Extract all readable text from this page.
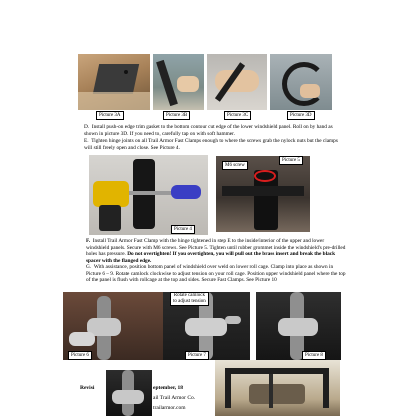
Picture 3A	Picture 3B	Picture 3C	Picture 3D
D. Install push-on edge trim gasket to the bottom contour cut edge of the lower windshield panel. Roll on by hand as shown in picture 3D. If you need to, carefully tap on with soft hammer.
E. Tighten hinge joints on all Trail Armor Fast Clamps enough to where the screws grab the nylock nuts but the clamps will still freely open and close. See Picture 4.
Picture 4
M6 screw
Picture 5
F. Install Trail Armor Fast Clamp with the hinge tightened in step E to the inside/interior of the upper and lower windshield panels. Secure with M6 screws. See Picture 5. Tighten until rubber grommet inside the windshield's pre-drilled holes has pressure. Do not overtighten! If you overtighten, you will pull out the brass insert and break the black spacer with the flanged edge.
G. With assistance, position bottom panel of windshield over weld on lower roll cage. Clamp into place as shown in Picture 6 – 9. Rotate camlock clockwise to adjust tension on your roll cage. Position upper windshield panel where the top of the panel is flush with rollcage at the top and sides. Secure Fast Clamps. See Picture 10
Picture 6
Rotate camlock
to adjust tension
Picture 7	Picture 8
Revisi	eptember, 18
ail Trail Armor Co.
trailarmor.com
